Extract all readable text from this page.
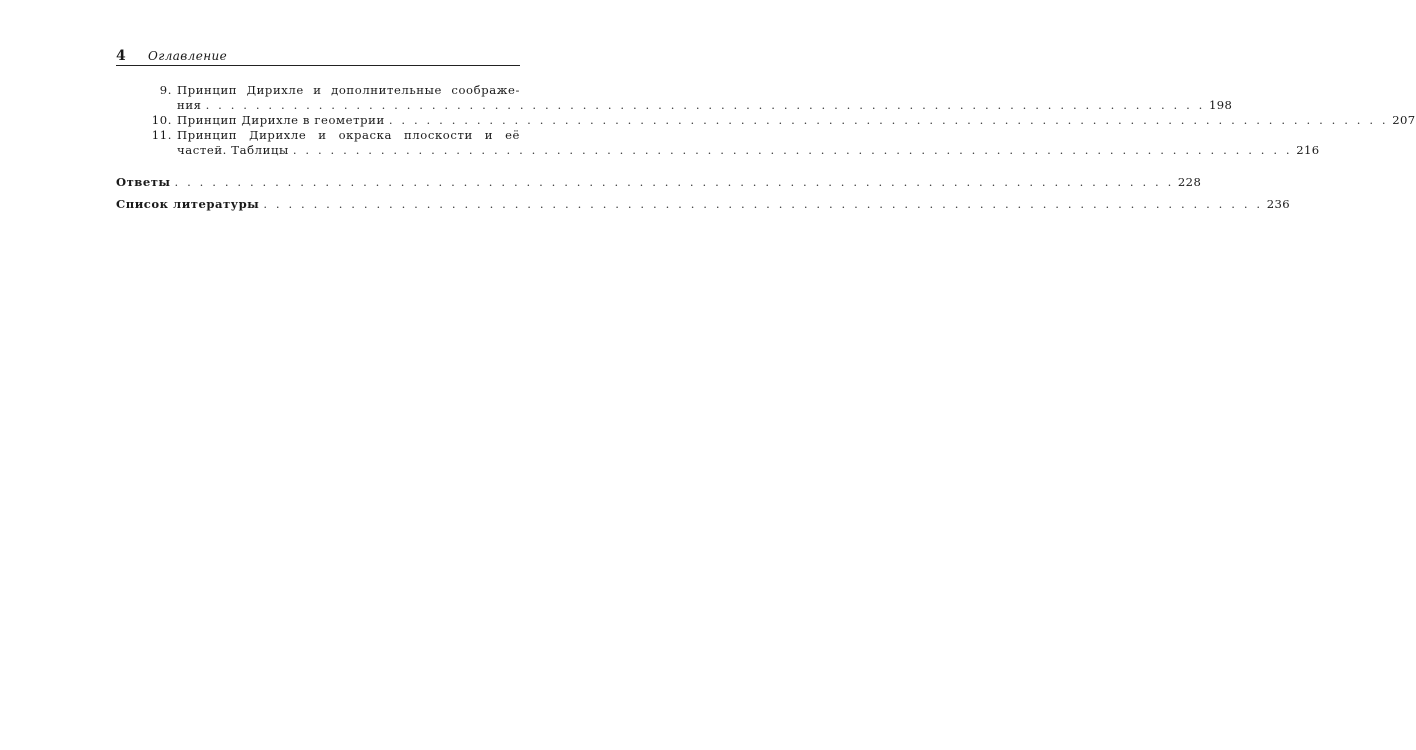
4 Оглавление
9. Принцип Дирихле и дополнительные соображе-
ния . . . . . . . . . . . . . . . . . . . . . . . . . . . . . . . . . . . . . . . . . . . . . . . . . . . . . . . . . . . . . . . . . . . . . . . . . . . . . . . . 198
10. Принцип Дирихле в геометрии . . . . . . . . . . . . . . . . . . . . . . . . . . . . . . . . . . . . . . . . . . . . . . . . . . . . . . . . . . . . . . . . . . . . . . . . . . . . . . . . 207
11. Принцип Дирихле и окраска плоскости и её
частей. Таблицы . . . . . . . . . . . . . . . . . . . . . . . . . . . . . . . . . . . . . . . . . . . . . . . . . . . . . . . . . . . . . . . . . . . . . . . . . . . . . . . . 216
Ответы . . . . . . . . . . . . . . . . . . . . . . . . . . . . . . . . . . . . . . . . . . . . . . . . . . . . . . . . . . . . . . . . . . . . . . . . . . . . . . . . 228
Список литературы . . . . . . . . . . . . . . . . . . . . . . . . . . . . . . . . . . . . . . . . . . . . . . . . . . . . . . . . . . . . . . . . . . . . . . . . . . . . . . . . 236
